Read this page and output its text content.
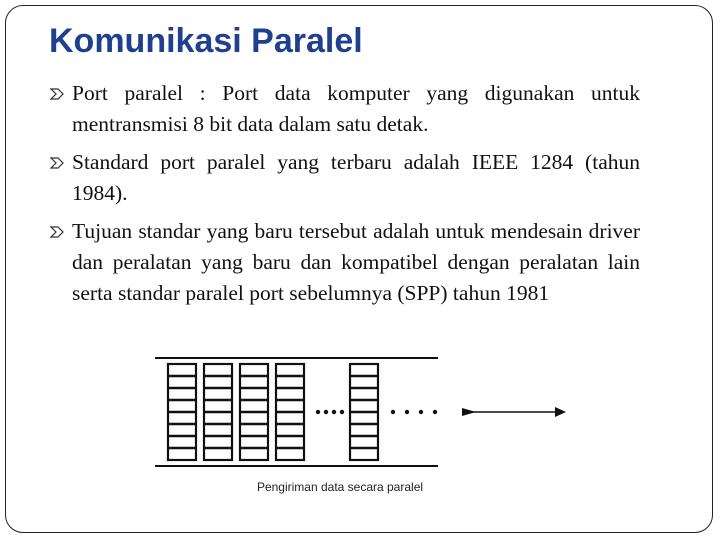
Komunikasi Paralel
Port paralel : Port data komputer yang digunakan untuk mentransmisi 8 bit data dalam satu detak.
Standard port paralel yang terbaru adalah IEEE 1284 (tahun 1984).
Tujuan standar yang baru tersebut adalah untuk mendesain driver dan peralatan yang baru dan kompatibel dengan peralatan lain serta standar paralel port sebelumnya (SPP) tahun 1981
Pengiriman data secara paralel
